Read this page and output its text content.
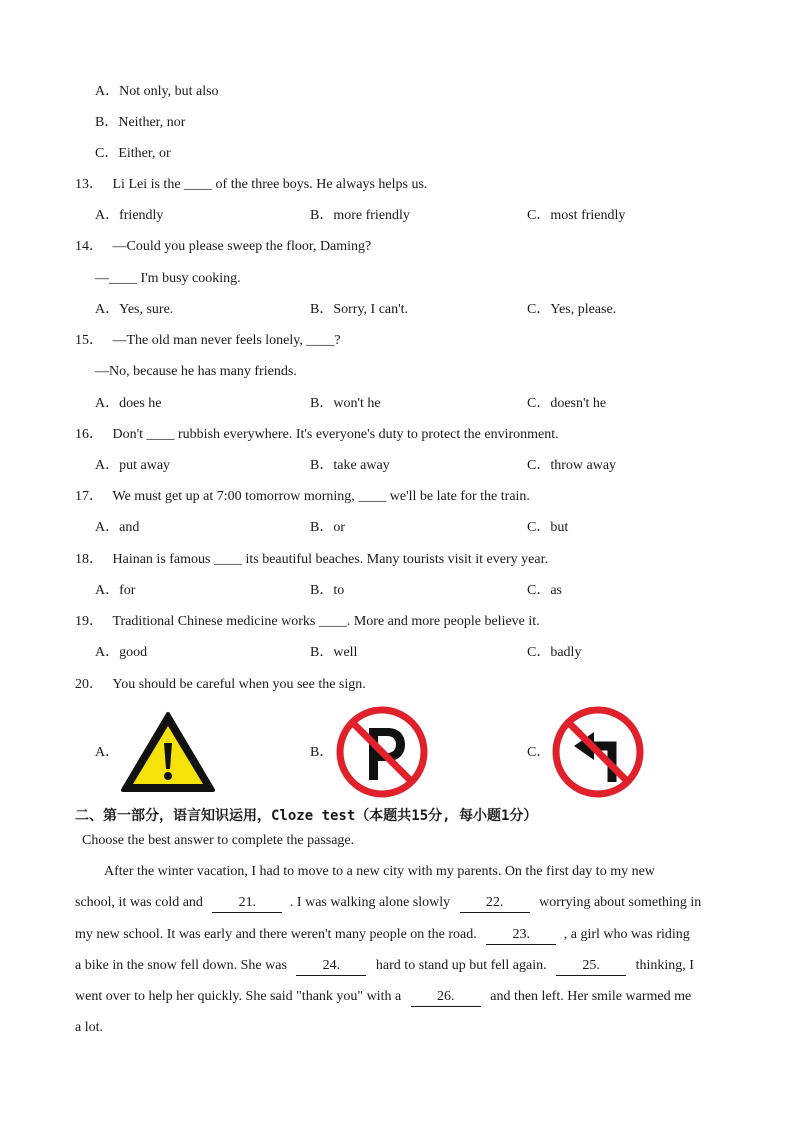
A．Not only, but also
B．Neither, nor
C．Either, or
13． Li Lei is the ____ of the three boys. He always helps us.
A．friendly	B．more friendly	C．most friendly
14． —Could you please sweep the floor, Daming?
—____ I'm busy cooking.
A．Yes, sure.	B．Sorry, I can't.	C．Yes, please.
15． —The old man never feels lonely, ____?
—No, because he has many friends.
A．does he	B．won't he	C．doesn't he
16． Don't ____ rubbish everywhere. It's everyone's duty to protect the environment.
A．put away	B．take away	C．throw away
17． We must get up at 7:00 tomorrow morning, ____ we'll be late for the train.
A．and	B．or	C．but
18． Hainan is famous ____ its beautiful beaches. Many tourists visit it every year.
A．for	B．to	C．as
19． Traditional Chinese medicine works ____. More and more people believe it.
A．good	B．well	C．badly
20． You should be careful when you see the sign.
A．	B．	C．
二、第一部分，语言知识运用，Cloze test（本题共15分, 每小题1分）
Choose the best answer to complete the passage.
After the winter vacation, I had to move to a new city with my parents. On the first day to my new
school, it was cold and	21. . I was walking alone slowly	22.	worrying about something in
my new school. It was early and there weren't many people on the road.	23. , a girl who was riding
a bike in the snow fell down. She was	24.	hard to stand up but fell again.	25.	thinking, I
went over to help her quickly. She said "thank you" with a	26.	and then left. Her smile warmed me
a lot.
